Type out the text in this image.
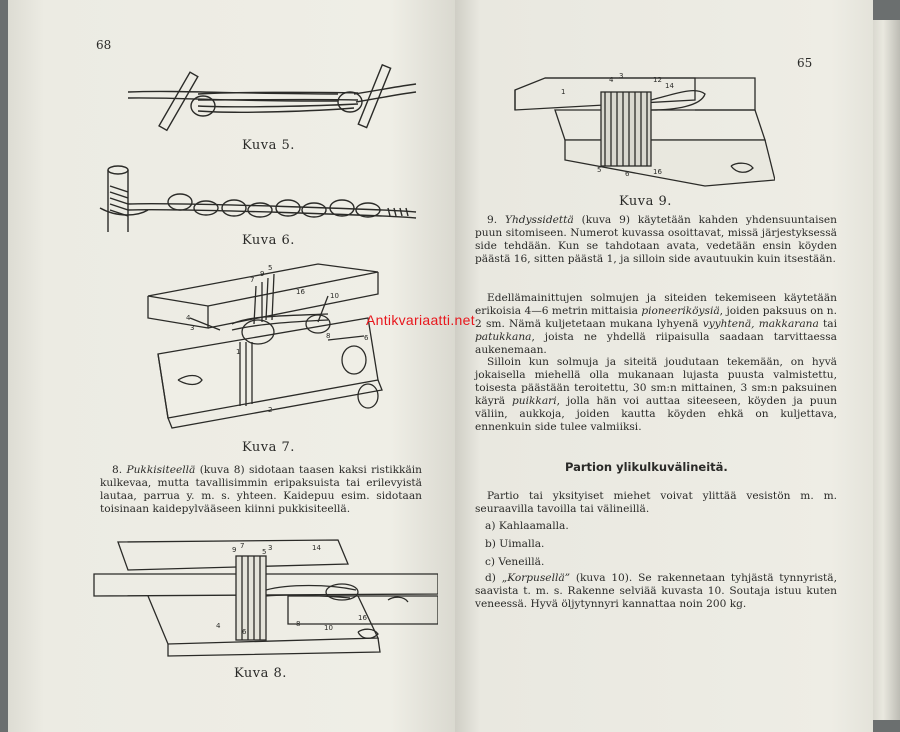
68
Kuva 5.
Kuva 6.
7
9
5
4
3
16	10
8	6
1
2
Kuva 7.

8. Pukkisiteellä (kuva 8) sidotaan taasen kaksi ristikkäin kulkevaa, mutta tavallisimmin eripaksuista tai erilevyistä lautaa, parrua y. m. s. yhteen. Kaidepuu esim. sidotaan toisinaan kaidepylvääseen kiinni pukkisiteellä.

9 7
5 3	14
4
6
8	10
16
Kuva 8.
65
4 3	12
14
1
5	6	16
Kuva 9.

9. Yhdyssidettä (kuva 9) käytetään kahden yhdensuuntaisen puun sitomiseen. Numerot kuvassa osoittavat, missä järjestyksessä side tehdään. Kun se tahdotaan avata, vedetään ensin köyden päästä 16, sitten päästä 1, ja silloin side avautuukin kuin itsestään.

Edellämainittujen solmujen ja siteiden tekemiseen käytetään erikoisia 4—6 metrin mittaisia pioneeriköysiä, joiden paksuus on n. 2 sm. Nämä kuljetetaan mukana lyhyenä vyyhtenä, makkarana tai patukkana, joista ne yhdellä riipaisulla saadaan tarvittaessa aukenemaan.

Silloin kun solmuja ja siteitä joudutaan tekemään, on hyvä jokaisella miehellä olla mukanaan lujasta puusta valmistettu, toisesta päästään teroitettu, 30 sm:n mittainen, 3 sm:n paksuinen käyrä puikkari, jolla hän voi auttaa siteeseen, köyden ja puun väliin, aukkoja, joiden kautta köyden ehkä on kuljettava, ennenkuin side tulee valmiiksi.

Partion ylikulkuvälineitä.

Partio tai yksityiset miehet voivat ylittää vesistön m. m. seuraavilla tavoilla tai välineillä.

a) Kahlaamalla.
b) Uimalla.
c) Veneillä.

d) „Korpusellä” (kuva 10). Se rakennetaan tyhjästä tynnyristä, saavista t. m. s. Rakenne selviää kuvasta 10. Soutaja istuu kuten veneessä. Hyvä öljytynnyri kannattaa noin 200 kg.

Antikvariaatti.net
